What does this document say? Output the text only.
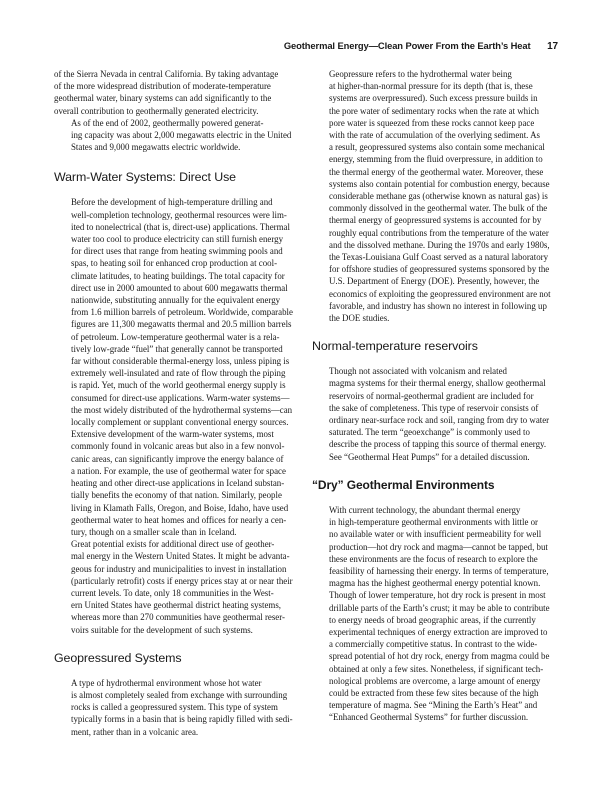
Geothermal Energy—Clean Power From the Earth’s Heat 17

of the Sierra Nevada in central California. By taking advantage
of the more widespread distribution of moderate-temperature
geothermal water, binary systems can add significantly to the
overall contribution to geothermally generated electricity.

As of the end of 2002, geothermally powered generat-
ing capacity was about 2,000 megawatts electric in the United
States and 9,000 megawatts electric worldwide.

Warm-Water Systems: Direct Use

Before the development of high-temperature drilling and
well-completion technology, geothermal resources were lim-
ited to nonelectrical (that is, direct-use) applications. Thermal
water too cool to produce electricity can still furnish energy
for direct uses that range from heating swimming pools and
spas, to heating soil for enhanced crop production at cool-
climate latitudes, to heating buildings. The total capacity for
direct use in 2000 amounted to about 600 megawatts thermal
nationwide, substituting annually for the equivalent energy
from 1.6 million barrels of petroleum. Worldwide, comparable
figures are 11,300 megawatts thermal and 20.5 million barrels
of petroleum. Low-temperature geothermal water is a rela-
tively low-grade “fuel” that generally cannot be transported
far without considerable thermal-energy loss, unless piping is
extremely well-insulated and rate of flow through the piping
is rapid. Yet, much of the world geothermal energy supply is
consumed for direct-use applications. Warm-water systems—
the most widely distributed of the hydrothermal systems—can
locally complement or supplant conventional energy sources.

Extensive development of the warm-water systems, most
commonly found in volcanic areas but also in a few nonvol-
canic areas, can significantly improve the energy balance of
a nation. For example, the use of geothermal water for space
heating and other direct-use applications in Iceland substan-
tially benefits the economy of that nation. Similarly, people
living in Klamath Falls, Oregon, and Boise, Idaho, have used
geothermal water to heat homes and offices for nearly a cen-
tury, though on a smaller scale than in Iceland.

Great potential exists for additional direct use of geother-
mal energy in the Western United States. It might be advanta-
geous for industry and municipalities to invest in installation
(particularly retrofit) costs if energy prices stay at or near their
current levels. To date, only 18 communities in the West-
ern United States have geothermal district heating systems,
whereas more than 270 communities have geothermal reser-
voirs suitable for the development of such systems.

Geopressured Systems

A type of hydrothermal environment whose hot water
is almost completely sealed from exchange with surrounding
rocks is called a geopressured system. This type of system
typically forms in a basin that is being rapidly filled with sedi-
ment, rather than in a volcanic area.

Geopressure refers to the hydrothermal water being
at higher-than-normal pressure for its depth (that is, these
systems are overpressured). Such excess pressure builds in
the pore water of sedimentary rocks when the rate at which
pore water is squeezed from these rocks cannot keep pace
with the rate of accumulation of the overlying sediment. As
a result, geopressured systems also contain some mechanical
energy, stemming from the fluid overpressure, in addition to
the thermal energy of the geothermal water. Moreover, these
systems also contain potential for combustion energy, because
considerable methane gas (otherwise known as natural gas) is
commonly dissolved in the geothermal water. The bulk of the
thermal energy of geopressured systems is accounted for by
roughly equal contributions from the temperature of the water
and the dissolved methane. During the 1970s and early 1980s,
the Texas-Louisiana Gulf Coast served as a natural laboratory
for offshore studies of geopressured systems sponsored by the
U.S. Department of Energy (DOE). Presently, however, the
economics of exploiting the geopressured environment are not
favorable, and industry has shown no interest in following up
the DOE studies.

Normal-temperature reservoirs

Though not associated with volcanism and related
magma systems for their thermal energy, shallow geothermal
reservoirs of normal-geothermal gradient are included for
the sake of completeness. This type of reservoir consists of
ordinary near-surface rock and soil, ranging from dry to water
saturated. The term “geoexchange” is commonly used to
describe the process of tapping this source of thermal energy.
See “Geothermal Heat Pumps” for a detailed discussion.

“Dry” Geothermal Environments

With current technology, the abundant thermal energy
in high-temperature geothermal environments with little or
no available water or with insufficient permeability for well
production—hot dry rock and magma—cannot be tapped, but
these environments are the focus of research to explore the
feasibility of harnessing their energy. In terms of temperature,
magma has the highest geothermal energy potential known.
Though of lower temperature, hot dry rock is present in most
drillable parts of the Earth’s crust; it may be able to contribute
to energy needs of broad geographic areas, if the currently
experimental techniques of energy extraction are improved to
a commercially competitive status. In contrast to the wide-
spread potential of hot dry rock, energy from magma could be
obtained at only a few sites. Nonetheless, if significant tech-
nological problems are overcome, a large amount of energy
could be extracted from these few sites because of the high
temperature of magma. See “Mining the Earth’s Heat” and
“Enhanced Geothermal Systems” for further discussion.
